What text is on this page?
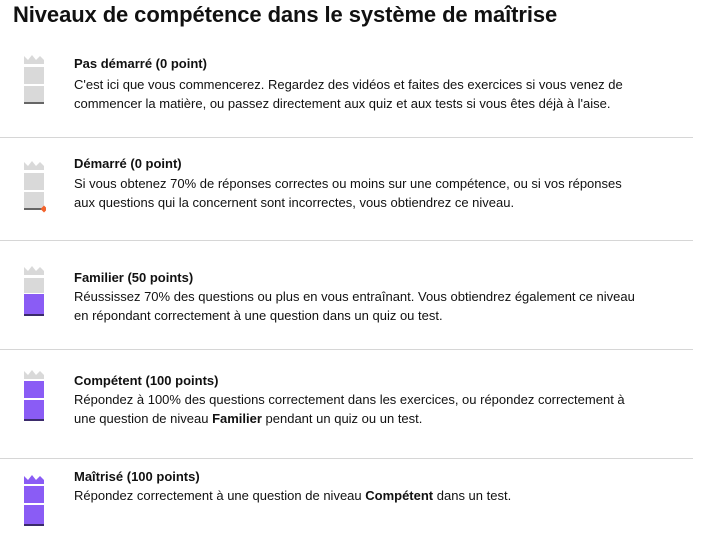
Niveaux de compétence dans le système de maîtrise
Pas démarré (0 point)
C'est ici que vous commencerez. Regardez des vidéos et faites des exercices si vous venez de
commencer la matière, ou passez directement aux quiz et aux tests si vous êtes déjà à l'aise.
Démarré (0 point)
Si vous obtenez 70% de réponses correctes ou moins sur une compétence, ou si vos réponses
aux questions qui la concernent sont incorrectes, vous obtiendrez ce niveau.
Familier (50 points)
Réussissez 70% des questions ou plus en vous entraînant. Vous obtiendrez également ce niveau
en répondant correctement à une question dans un quiz ou test.
Compétent (100 points)
Répondez à 100% des questions correctement dans les exercices, ou répondez correctement à
une question de niveau Familier pendant un quiz ou un test.
Maîtrisé (100 points)
Répondez correctement à une question de niveau Compétent dans un test.
